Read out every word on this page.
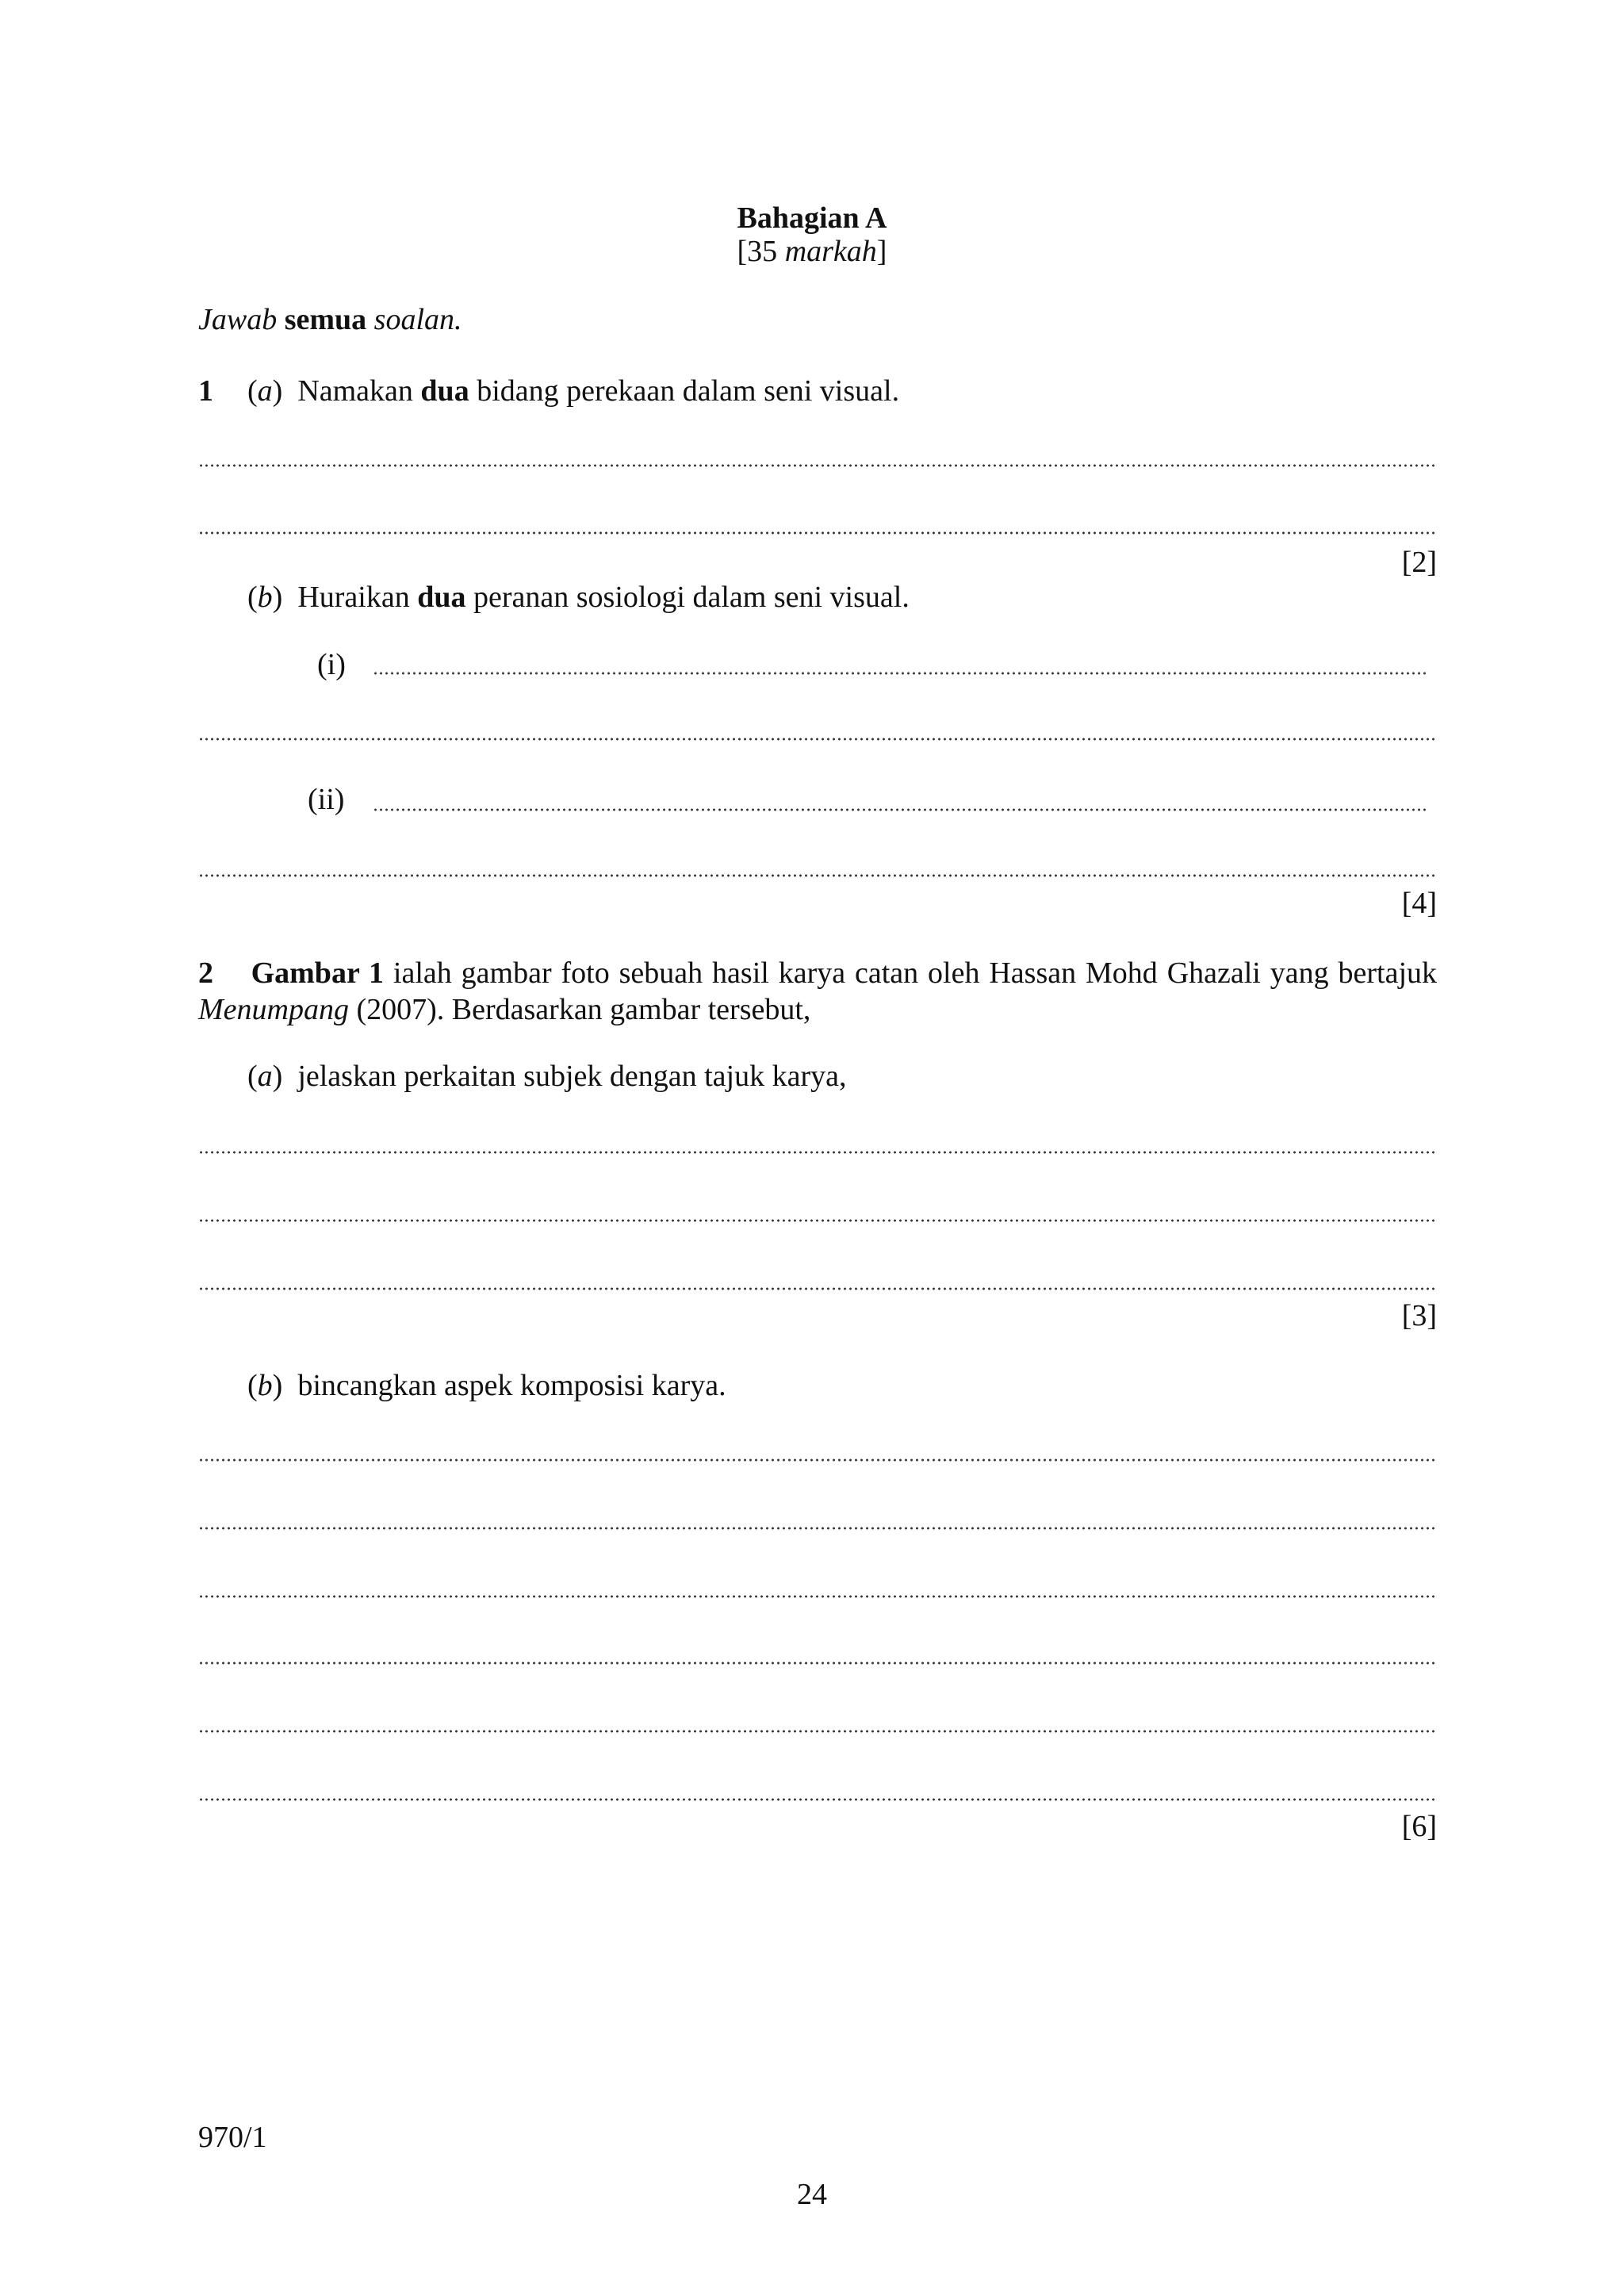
Bahagian A
[35 markah]
Jawab semua soalan.
1 (a)  Namakan dua bidang perekaan dalam seni visual.
[2]
(b)  Huraikan dua peranan sosiologi dalam seni visual.
(i)
(ii)
[4]
2 Gambar 1 ialah gambar foto sebuah hasil karya catan oleh Hassan Mohd Ghazali yang bertajuk
Menumpang (2007). Berdasarkan gambar tersebut,
(a)  jelaskan perkaitan subjek dengan tajuk karya,
[3]
(b)  bincangkan aspek komposisi karya.
[6]
970/1
24
